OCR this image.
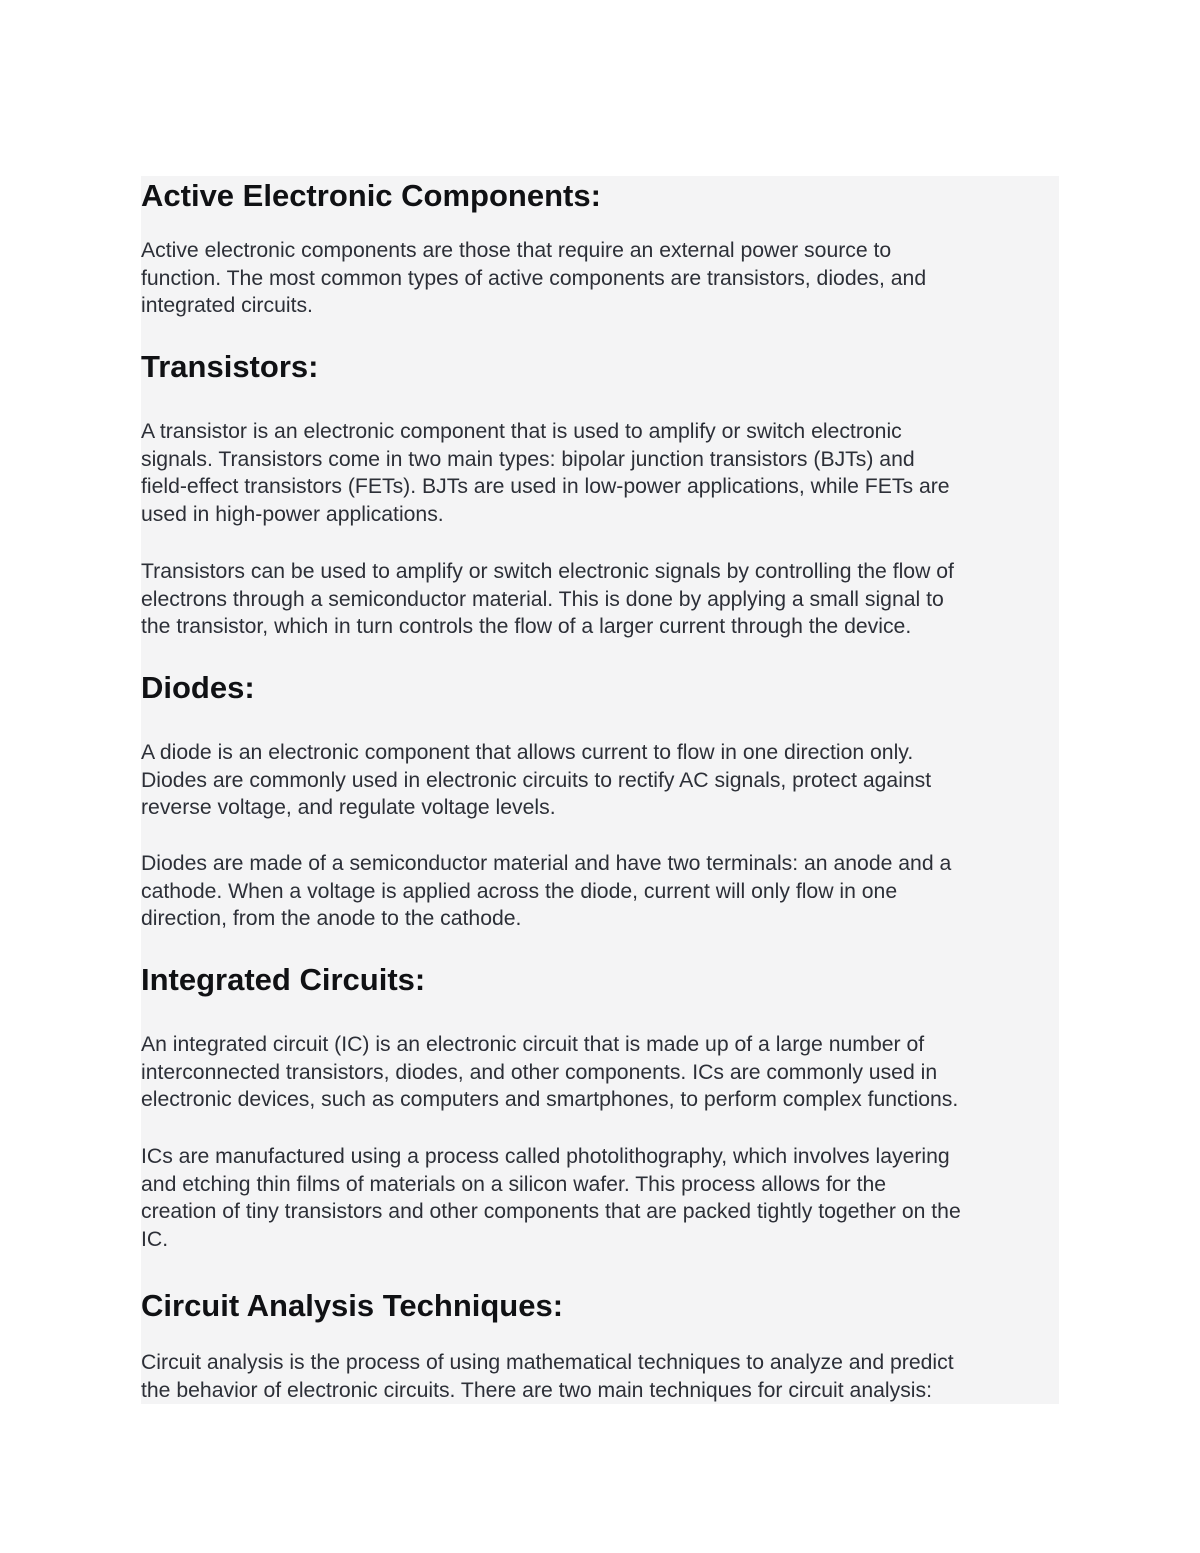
Active Electronic Components:
Active electronic components are those that require an external power source to
function. The most common types of active components are transistors, diodes, and
integrated circuits.
Transistors:
A transistor is an electronic component that is used to amplify or switch electronic
signals. Transistors come in two main types: bipolar junction transistors (BJTs) and
field-effect transistors (FETs). BJTs are used in low-power applications, while FETs are
used in high-power applications.
Transistors can be used to amplify or switch electronic signals by controlling the flow of
electrons through a semiconductor material. This is done by applying a small signal to
the transistor, which in turn controls the flow of a larger current through the device.
Diodes:
A diode is an electronic component that allows current to flow in one direction only.
Diodes are commonly used in electronic circuits to rectify AC signals, protect against
reverse voltage, and regulate voltage levels.
Diodes are made of a semiconductor material and have two terminals: an anode and a
cathode. When a voltage is applied across the diode, current will only flow in one
direction, from the anode to the cathode.
Integrated Circuits:
An integrated circuit (IC) is an electronic circuit that is made up of a large number of
interconnected transistors, diodes, and other components. ICs are commonly used in
electronic devices, such as computers and smartphones, to perform complex functions.
ICs are manufactured using a process called photolithography, which involves layering
and etching thin films of materials on a silicon wafer. This process allows for the
creation of tiny transistors and other components that are packed tightly together on the
IC.
Circuit Analysis Techniques:
Circuit analysis is the process of using mathematical techniques to analyze and predict
the behavior of electronic circuits. There are two main techniques for circuit analysis:
